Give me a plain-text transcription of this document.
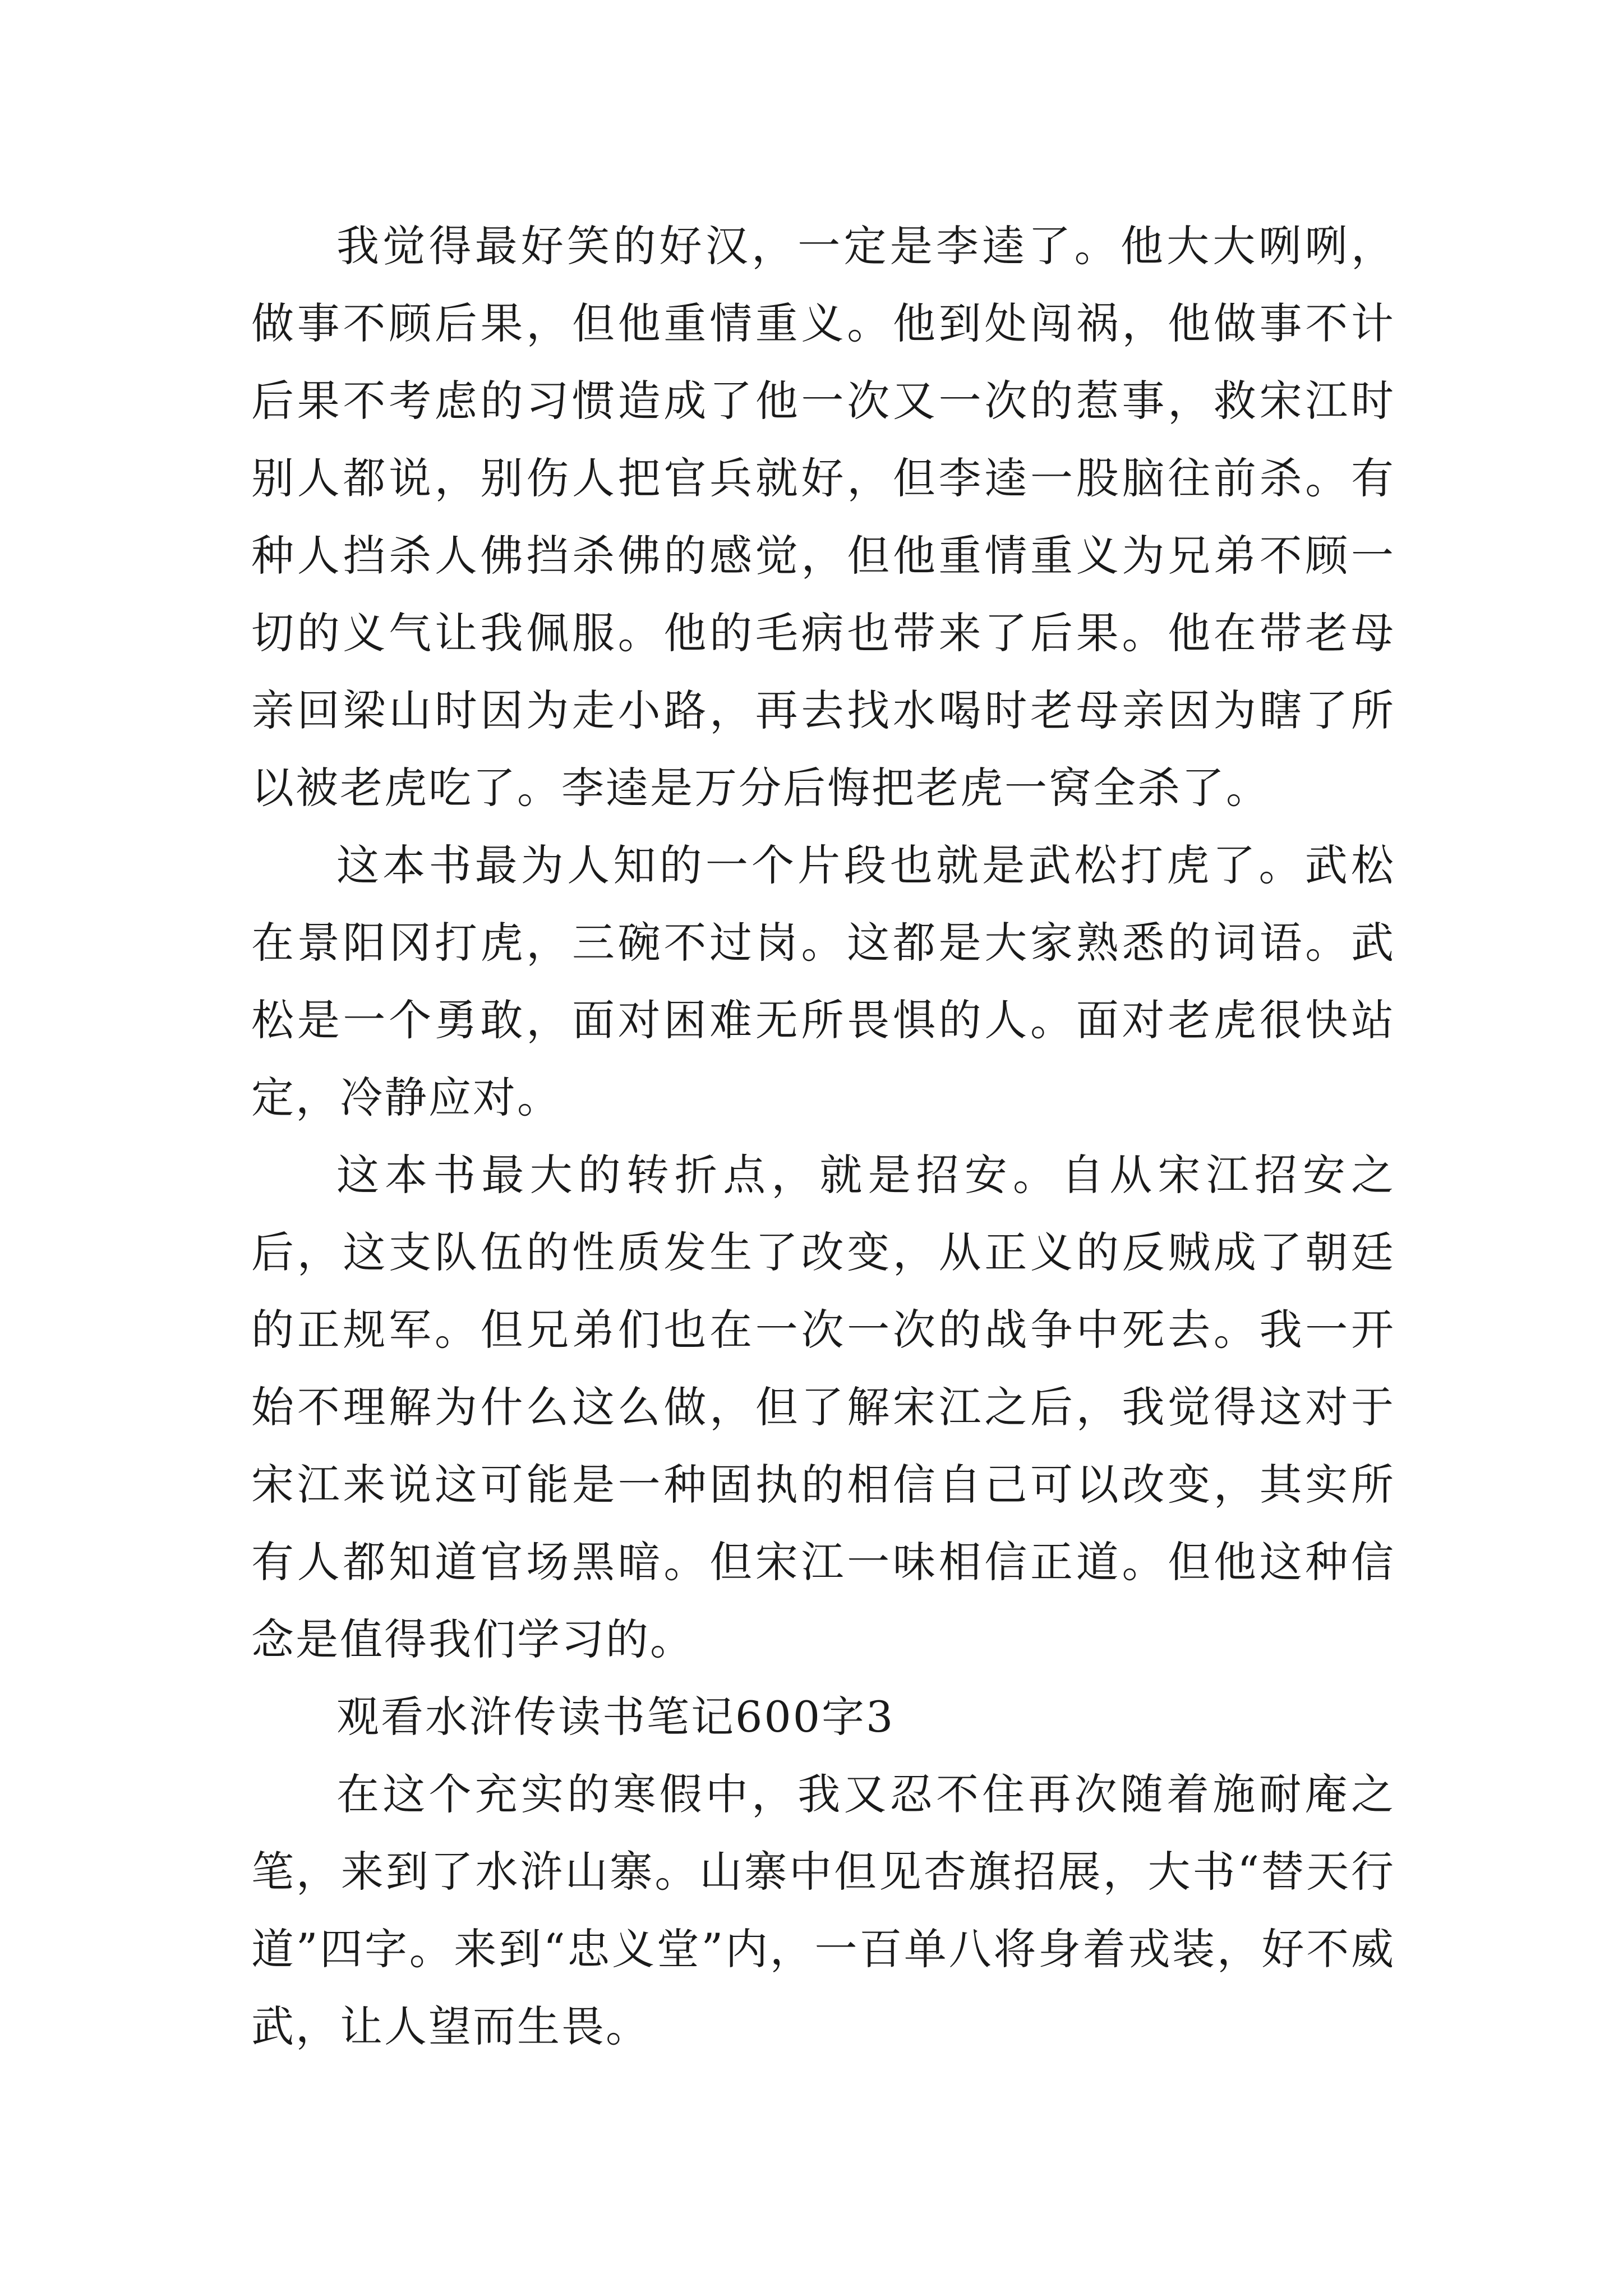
我觉得最好笑的好汉，一定是李逵了。他大大咧咧，做事不顾后果，但他重情重义。他到处闯祸，他做事不计后果不考虑的习惯造成了他一次又一次的惹事，救宋江时别人都说，别伤人把官兵就好，但李逵一股脑往前杀。有种人挡杀人佛挡杀佛的感觉，但他重情重义为兄弟不顾一切的义气让我佩服。他的毛病也带来了后果。他在带老母亲回梁山时因为走小路，再去找水喝时老母亲因为瞎了所以被老虎吃了。李逵是万分后悔把老虎一窝全杀了。

这本书最为人知的一个片段也就是武松打虎了。武松在景阳冈打虎，三碗不过岗。这都是大家熟悉的词语。武松是一个勇敢，面对困难无所畏惧的人。面对老虎很快站定，冷静应对。

这本书最大的转折点，就是招安。自从宋江招安之后，这支队伍的性质发生了改变，从正义的反贼成了朝廷的正规军。但兄弟们也在一次一次的战争中死去。我一开始不理解为什么这么做，但了解宋江之后，我觉得这对于宋江来说这可能是一种固执的相信自己可以改变，其实所有人都知道官场黑暗。但宋江一味相信正道。但他这种信念是值得我们学习的。

观看水浒传读书笔记600字3

在这个充实的寒假中，我又忍不住再次随着施耐庵之笔，来到了水浒山寨。山寨中但见杏旗招展，大书“替天行道”四字。来到“忠义堂”内，一百单八将身着戎装，好不威武，让人望而生畏。
